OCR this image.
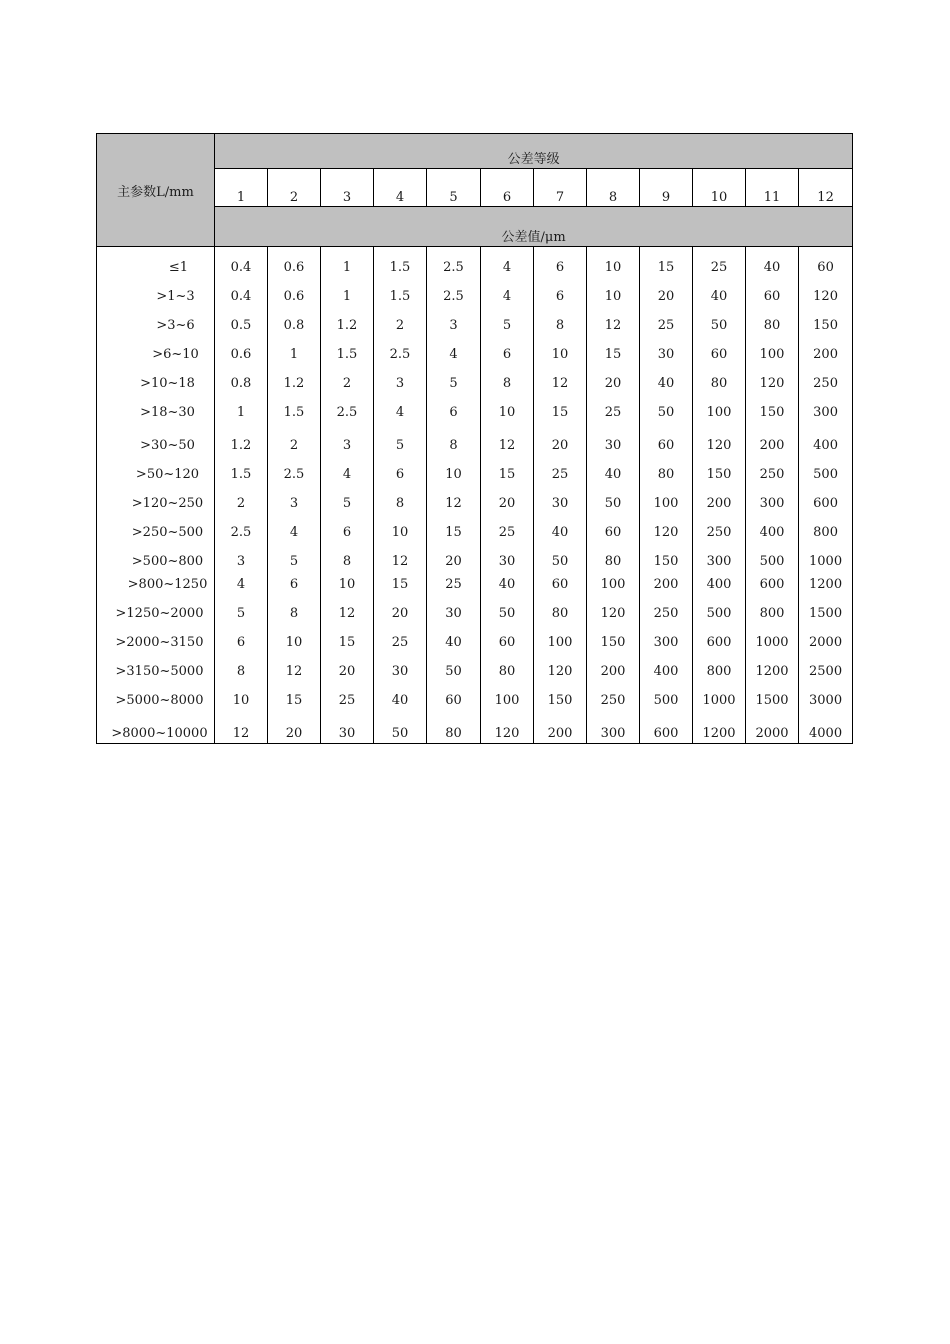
主参数L/mm	公差等级											
	1	2	3	4	5	6	7	8	9	10	11	12
	公差值/μm											
≤1	0.4	0.6	1	1.5	2.5	4	6	10	15	25	40	60
>1~3	0.4	0.6	1	1.5	2.5	4	6	10	20	40	60	120
>3~6	0.5	0.8	1.2	2	3	5	8	12	25	50	80	150
>6~10	0.6	1	1.5	2.5	4	6	10	15	30	60	100	200
>10~18	0.8	1.2	2	3	5	8	12	20	40	80	120	250
>18~30	1	1.5	2.5	4	6	10	15	25	50	100	150	300
>30~50	1.2	2	3	5	8	12	20	30	60	120	200	400
>50~120	1.5	2.5	4	6	10	15	25	40	80	150	250	500
>120~250	2	3	5	8	12	20	30	50	100	200	300	600
>250~500	2.5	4	6	10	15	25	40	60	120	250	400	800
>500~800	3	5	8	12	20	30	50	80	150	300	500	1000
>800~1250	4	6	10	15	25	40	60	100	200	400	600	1200
>1250~2000	5	8	12	20	30	50	80	120	250	500	800	1500
>2000~3150	6	10	15	25	40	60	100	150	300	600	1000	2000
>3150~5000	8	12	20	30	50	80	120	200	400	800	1200	2500
>5000~8000	10	15	25	40	60	100	150	250	500	1000	1500	3000
>8000~10000	12	20	30	50	80	120	200	300	600	1200	2000	4000
